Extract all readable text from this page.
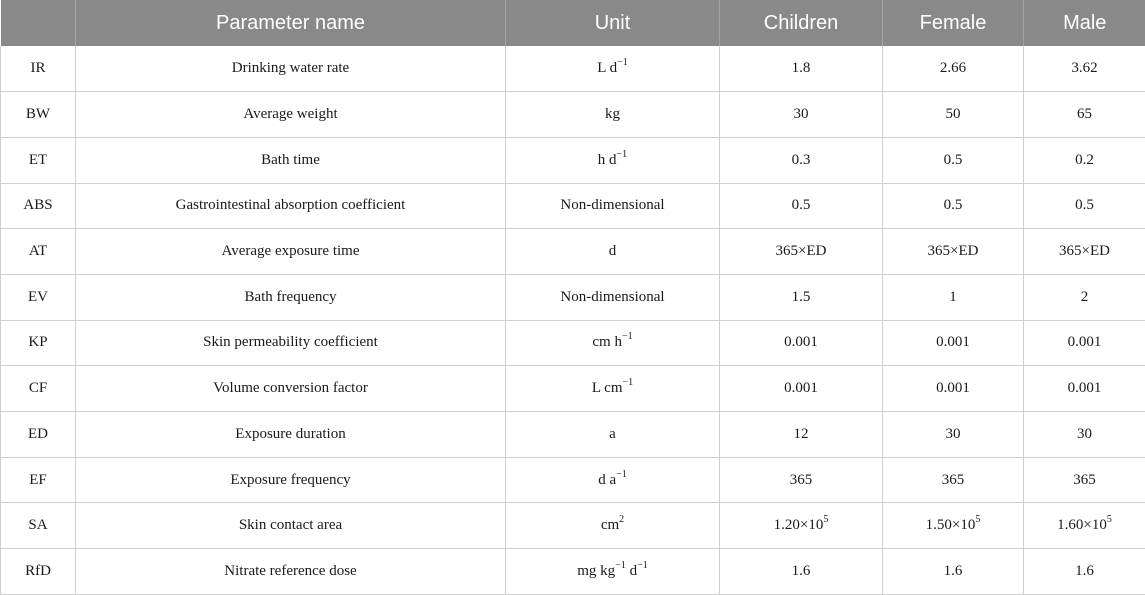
	Parameter name	Unit	Children	Female	Male
IR	Drinking water rate	L $d^{-1}$	1.8	2.66	3.62
BW	Average weight	kg	30	50	65
ET	Bath time	h $d^{-1}$	0.3	0.5	0.2
ABS	Gastrointestinal absorption coefficient	Non-dimensional	0.5	0.5	0.5
AT	Average exposure time	d	365×ED	365×ED	365×ED
EV	Bath frequency	Non-dimensional	1.5	1	2
KP	Skin permeability coefficient	cm $h^{-1}$	0.001	0.001	0.001
CF	Volume conversion factor	L $cm^{-1}$	0.001	0.001	0.001
ED	Exposure duration	a	12	30	30
EF	Exposure frequency	d $a^{-1}$	365	365	365
SA	Skin contact area	$cm^2$	$1.20\times 10^5$	$1.50\times 10^5$	$1.60\times 10^5$
RfD	Nitrate reference dose	mg $kg^{-1}$ $d^{-1}$	1.6	1.6	1.6
